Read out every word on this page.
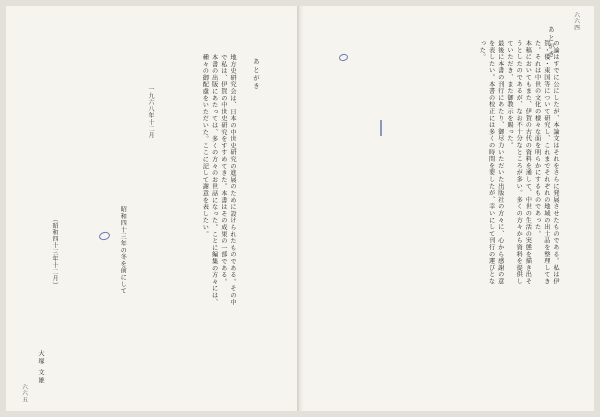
六六四
あとがき
の論はすでに公にしたが、本論文はそれをさらに発展させたものである。私は伊賀・倭・東国等について研究し、これまでそれぞれの地域の出土品を整理してきた。それは中世の文化の様々な面を明らかにするものであった。
本稿においてもまた、伊賀の古代の資料を通して、中世の生活の実態を描き出そうとしたのであるが、なお不十分なところが多い。多くの方々から資料を提供していただき、また御教示を賜った。
最後に本書の刊行にあたり、御尽力いただいた出版社の方々に、心から感謝の意を表したい。本書の校正には多くの時間を要したが、幸いにして刊行の運びとなった。
あとがき
地方史研究会は、日本の中世史研究の進展のために設けられたものである。その中で私は、伊賀の中世史研究をすすめてきた。本書はその成果の一部である。
本書の出版にあたっては、多くの方々のお世話になった。ことに編集の方々には、種々の御配慮をいただいた。ここに記して謝意を表したい。
一九六八年十二月
昭和四十三年の冬を前にして
（昭和四十三年十二月）
大塚 文雄
六六五
